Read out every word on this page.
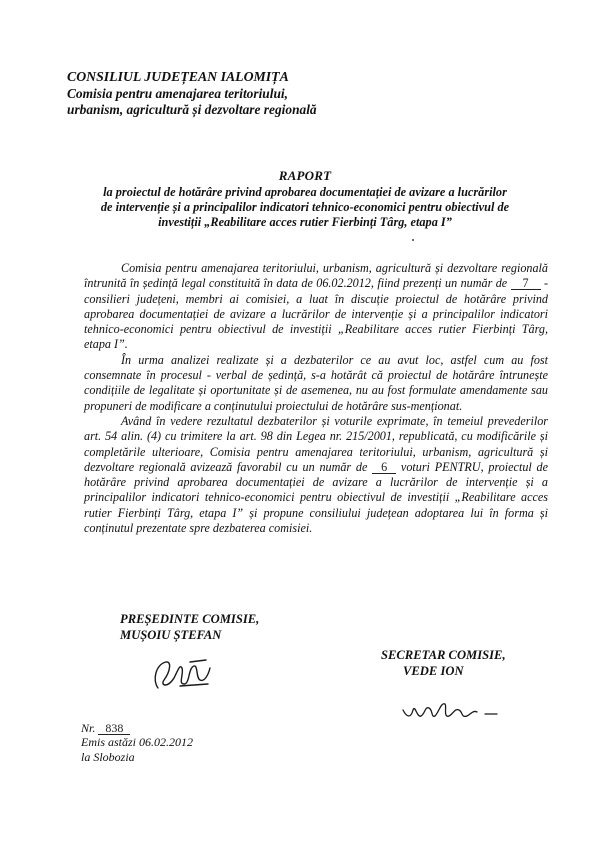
CONSILIUL JUDEȚEAN IALOMIȚA
Comisia pentru amenajarea teritoriului,
urbanism, agricultură și dezvoltare regională
RAPORT
la proiectul de hotărâre privind aprobarea documentației de avizare a lucrărilor
de intervenție și a principalilor indicatori tehnico-economici pentru obiectivul de
investiții „Reabilitare acces rutier Fierbinți Târg, etapa I”

Comisia pentru amenajarea teritoriului, urbanism, agricultură și dezvoltare regională întrunită în ședință legal constituită în data de 06.02.2012, fiind prezenți un număr de 7 - consilieri județeni, membri ai comisiei, a luat în discuție proiectul de hotărâre privind aprobarea documentației de avizare a lucrărilor de intervenție și a principalilor indicatori tehnico-economici pentru obiectivul de investiții „Reabilitare acces rutier Fierbinți Târg, etapa I”.

În urma analizei realizate și a dezbaterilor ce au avut loc, astfel cum au fost consemnate în procesul - verbal de ședință, s-a hotărât că proiectul de hotărâre întrunește condițiile de legalitate și oportunitate și de asemenea, nu au fost formulate amendamente sau propuneri de modificare a conținutului proiectului de hotărâre sus-menționat.

Având în vedere rezultatul dezbaterilor și voturile exprimate, în temeiul prevederilor art. 54 alin. (4) cu trimitere la art. 98 din Legea nr. 215/2001, republicată, cu modificările și completările ulterioare, Comisia pentru amenajarea teritoriului, urbanism, agricultură și dezvoltare regională avizează favorabil cu un număr de 6 voturi PENTRU, proiectul de hotărâre privind aprobarea documentației de avizare a lucrărilor de intervenție și a principalilor indicatori tehnico-economici pentru obiectivul de investiții „Reabilitare acces rutier Fierbinți Târg, etapa I” și propune consiliului județean adoptarea lui în forma și conținutul prezentate spre dezbaterea comisiei.

PREȘEDINTE COMISIE,
MUȘOIU ȘTEFAN
SECRETAR COMISIE,
VEDE ION
Nr. 838
Emis astăzi 06.02.2012
la Slobozia
